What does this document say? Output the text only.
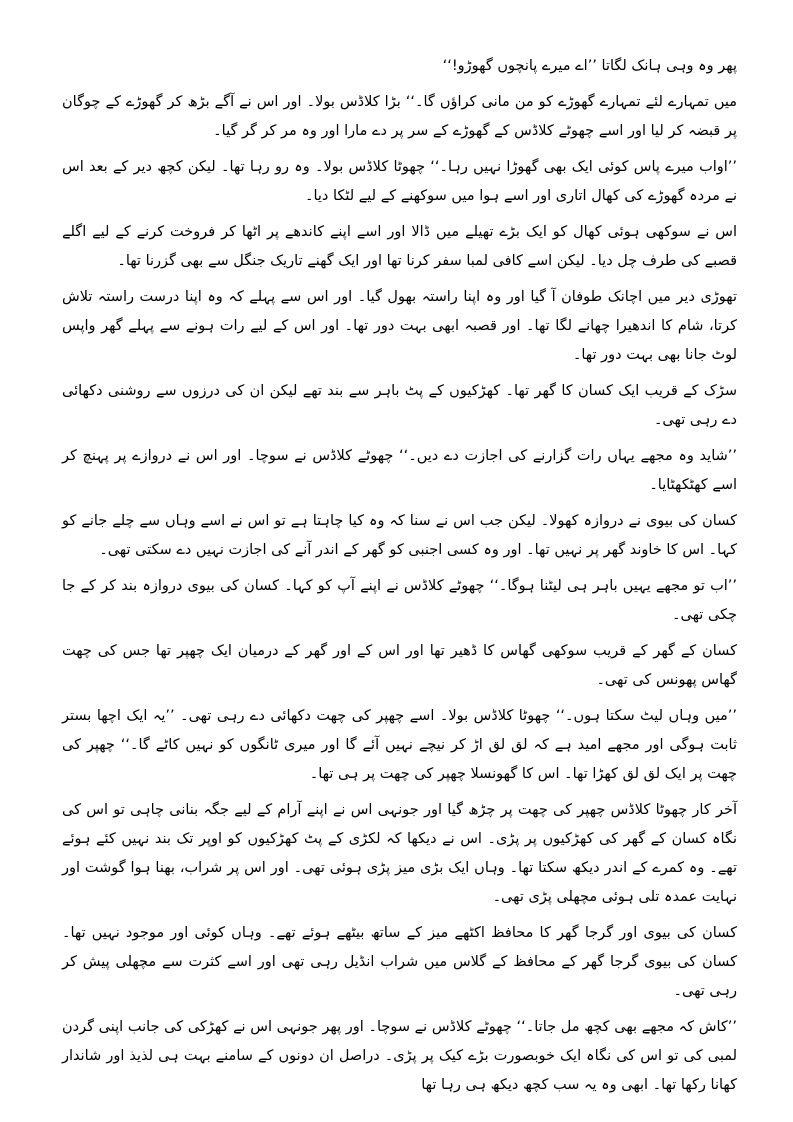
پھر وہ وہی ہانک لگاتا ’’اے میرے پانچوں گھوڑو!‘‘

میں تمہارے لئے تمہارے گھوڑے کو من مانی کراؤں گا۔‘‘ بڑا کلاڈس بولا۔ اور اس نے آگے بڑھ کر گھوڑے کے چوگان پر قبضہ کر لیا اور اسے چھوٹے کلاڈس کے گھوڑے کے سر پر دے مارا اور وہ مر کر گر گیا۔

’’اواب میرے پاس کوئی ایک بھی گھوڑا نہیں رہا۔‘‘ چھوٹا کلاڈس بولا۔ وہ رو رہا تھا۔ لیکن کچھ دیر کے بعد اس نے مردہ گھوڑے کی کھال اتاری اور اسے ہوا میں سوکھنے کے لیے لٹکا دیا۔

اس نے سوکھی ہوئی کھال کو ایک بڑے تھیلے میں ڈالا اور اسے اپنے کاندھے پر اٹھا کر فروخت کرنے کے لیے اگلے قصبے کی طرف چل دیا۔ لیکن اسے کافی لمبا سفر کرنا تھا اور ایک گھنے تاریک جنگل سے بھی گزرنا تھا۔

تھوڑی دیر میں اچانک طوفان آ گیا اور وہ اپنا راستہ بھول گیا۔ اور اس سے پہلے کہ وہ اپنا درست راستہ تلاش کرتا، شام کا اندھیرا چھانے لگا تھا۔ اور قصبہ ابھی بہت دور تھا۔ اور اس کے لیے رات ہونے سے پہلے گھر واپس لوٹ جانا بھی بہت دور تھا۔

سڑک کے قریب ایک کسان کا گھر تھا۔ کھڑکیوں کے پٹ باہر سے بند تھے لیکن ان کی درزوں سے روشنی دکھائی دے رہی تھی۔

’’شاید وہ مجھے یہاں رات گزارنے کی اجازت دے دیں۔‘‘ چھوٹے کلاڈس نے سوچا۔ اور اس نے دروازے پر پہنچ کر اسے کھٹکھٹایا۔

کسان کی بیوی نے دروازہ کھولا۔ لیکن جب اس نے سنا کہ وہ کیا چاہتا ہے تو اس نے اسے وہاں سے چلے جانے کو کہا۔ اس کا خاوند گھر پر نہیں تھا۔ اور وہ کسی اجنبی کو گھر کے اندر آنے کی اجازت نہیں دے سکتی تھی۔

’’اب تو مجھے یہیں باہر ہی لیٹنا ہوگا۔‘‘ چھوٹے کلاڈس نے اپنے آپ کو کہا۔ کسان کی بیوی دروازہ بند کر کے جا چکی تھی۔

کسان کے گھر کے قریب سوکھی گھاس کا ڈھیر تھا اور اس کے اور گھر کے درمیان ایک چھپر تھا جس کی چھت گھاس پھونس کی تھی۔

’’میں وہاں لیٹ سکتا ہوں۔‘‘ چھوٹا کلاڈس بولا۔ اسے چھپر کی چھت دکھائی دے رہی تھی۔ ’’یہ ایک اچھا بستر ثابت ہوگی اور مجھے امید ہے کہ لق لق اڑ کر نیچے نہیں آئے گا اور میری ٹانگوں کو نہیں کاٹے گا۔‘‘ چھپر کی چھت پر ایک لق لق کھڑا تھا۔ اس کا گھونسلا چھپر کی چھت پر ہی تھا۔

آخر کار چھوٹا کلاڈس چھپر کی چھت پر چڑھ گیا اور جونہی اس نے اپنے آرام کے لیے جگہ بنانی چاہی تو اس کی نگاہ کسان کے گھر کی کھڑکیوں پر پڑی۔ اس نے دیکھا کہ لکڑی کے پٹ کھڑکیوں کو اوپر تک بند نہیں کئے ہوئے تھے۔ وہ کمرے کے اندر دیکھ سکتا تھا۔ وہاں ایک بڑی میز پڑی ہوئی تھی۔ اور اس پر شراب، بھنا ہوا گوشت اور نہایت عمدہ تلی ہوئی مچھلی پڑی تھی۔

کسان کی بیوی اور گرجا گھر کا محافظ اکٹھے میز کے ساتھ بیٹھے ہوئے تھے۔ وہاں کوئی اور موجود نہیں تھا۔ کسان کی بیوی گرجا گھر کے محافظ کے گلاس میں شراب انڈیل رہی تھی اور اسے کثرت سے مچھلی پیش کر رہی تھی۔

’’کاش کہ مجھے بھی کچھ مل جاتا۔‘‘ چھوٹے کلاڈس نے سوچا۔ اور پھر جونہی اس نے کھڑکی کی جانب اپنی گردن لمبی کی تو اس کی نگاہ ایک خوبصورت بڑے کیک پر پڑی۔ دراصل ان دونوں کے سامنے بہت ہی لذیذ اور شاندار کھانا رکھا تھا۔ ابھی وہ یہ سب کچھ دیکھ ہی رہا تھا
